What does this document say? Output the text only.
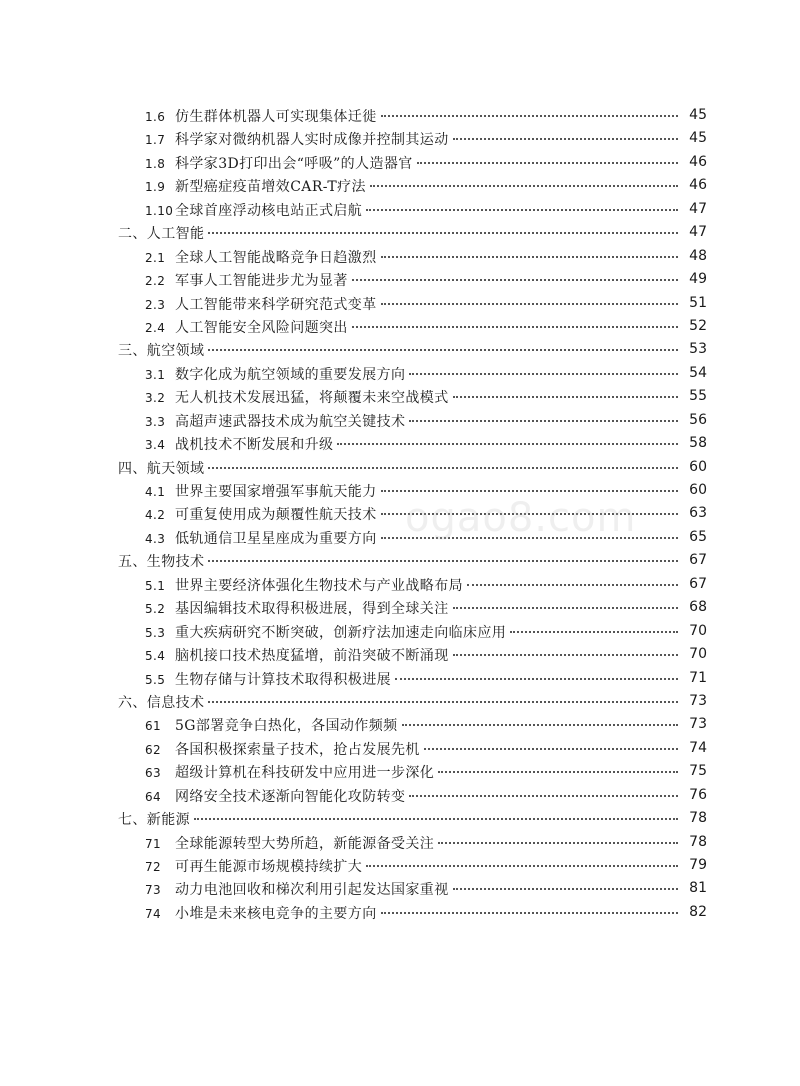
1.6 仿生群体机器人可实现集体迁徙	45
1.7 科学家对微纳机器人实时成像并控制其运动	45
1.8 科学家3D打印出会“呼吸”的人造器官	46
1.9 新型癌症疫苗增效CAR-T疗法	46
1.10 全球首座浮动核电站正式启航	47
二、人工智能	47
2.1 全球人工智能战略竞争日趋激烈	48
2.2 军事人工智能进步尤为显著	49
2.3 人工智能带来科学研究范式变革	51
2.4 人工智能安全风险问题突出	52
三、航空领域	53
3.1 数字化成为航空领域的重要发展方向	54
3.2 无人机技术发展迅猛，将颠覆未来空战模式	55
3.3 高超声速武器技术成为航空关键技术	56
3.4 战机技术不断发展和升级	58
四、航天领域	60
4.1 世界主要国家增强军事航天能力	60
4.2 可重复使用成为颠覆性航天技术	63
4.3 低轨通信卫星星座成为重要方向	65
五、生物技术	67
5.1 世界主要经济体强化生物技术与产业战略布局	67
5.2 基因编辑技术取得积极进展，得到全球关注	68
5.3 重大疾病研究不断突破，创新疗法加速走向临床应用	70
5.4 脑机接口技术热度猛增，前沿突破不断涌现	70
5.5 生物存储与计算技术取得积极进展	71
六、信息技术	73
61 5G部署竞争白热化，各国动作频频	73
62 各国积极探索量子技术，抢占发展先机	74
63 超级计算机在科技研发中应用进一步深化	75
64 网络安全技术逐渐向智能化攻防转变	76
七、新能源	78
71 全球能源转型大势所趋，新能源备受关注	78
72 可再生能源市场规模持续扩大	79
73 动力电池回收和梯次利用引起发达国家重视	81
74 小堆是未来核电竞争的主要方向	82
ogao8.com
